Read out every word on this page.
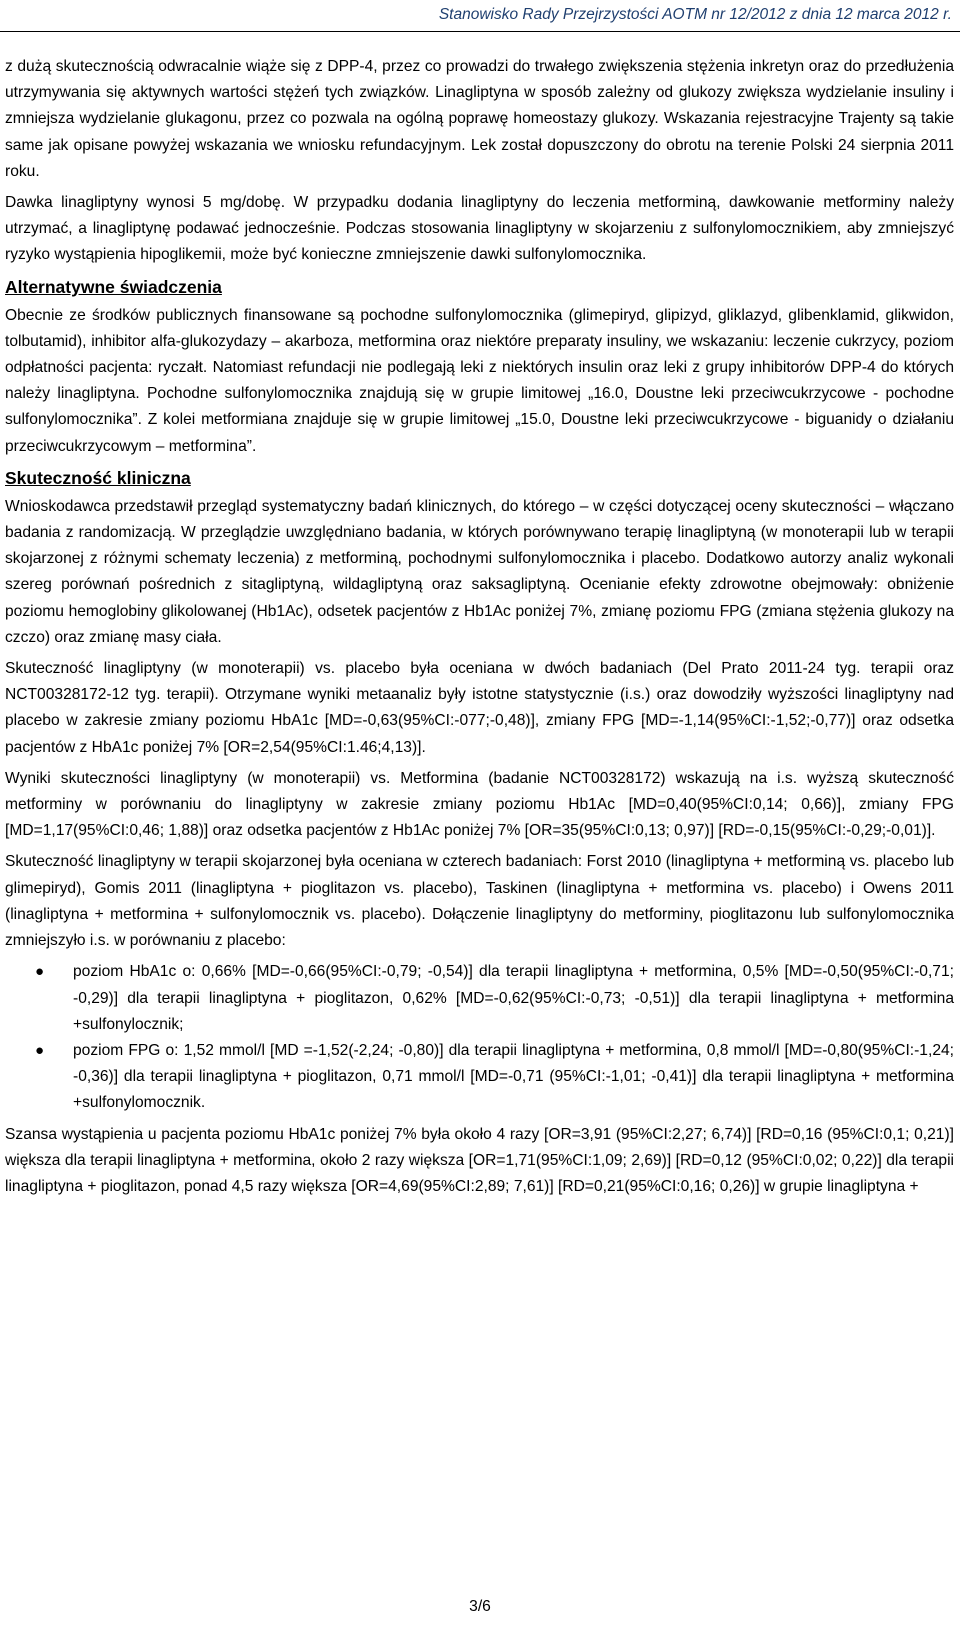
Stanowisko Rady Przejrzystości AOTM nr 12/2012 z dnia 12 marca 2012 r.

z dużą skutecznością odwracalnie wiąże się z DPP-4, przez co prowadzi do trwałego zwiększenia stężenia inkretyn oraz do przedłużenia utrzymywania się aktywnych wartości stężeń tych związków. Linagliptyna w sposób zależny od glukozy zwiększa wydzielanie insuliny i zmniejsza wydzielanie glukagonu, przez co pozwala na ogólną poprawę homeostazy glukozy. Wskazania rejestracyjne Trajenty są takie same jak opisane powyżej wskazania we wniosku refundacyjnym. Lek został dopuszczony do obrotu na terenie Polski 24 sierpnia 2011 roku.

Dawka linagliptyny wynosi 5 mg/dobę. W przypadku dodania linagliptyny do leczenia metforminą, dawkowanie metforminy należy utrzymać, a linagliptynę podawać jednocześnie. Podczas stosowania linagliptyny w skojarzeniu z sulfonylomocznikiem, aby zmniejszyć ryzyko wystąpienia hipoglikemii, może być konieczne zmniejszenie dawki sulfonylomocznika.

Alternatywne świadczenia

Obecnie ze środków publicznych finansowane są pochodne sulfonylomocznika (glimepiryd, glipizyd, gliklazyd, glibenklamid, glikwidon, tolbutamid), inhibitor alfa-glukozydazy – akarboza, metformina oraz niektóre preparaty insuliny, we wskazaniu: leczenie cukrzycy, poziom odpłatności pacjenta: ryczałt. Natomiast refundacji nie podlegają leki z niektórych insulin oraz leki z grupy inhibitorów DPP-4 do których należy linagliptyna. Pochodne sulfonylomocznika znajdują się w grupie limitowej „16.0, Doustne leki przeciwcukrzycowe - pochodne sulfonylomocznika”. Z kolei metformiana znajduje się w grupie limitowej „15.0, Doustne leki przeciwcukrzycowe - biguanidy o działaniu przeciwcukrzycowym – metformina”.

Skuteczność kliniczna

Wnioskodawca przedstawił przegląd systematyczny badań klinicznych, do którego – w części dotyczącej oceny skuteczności – włączano badania z randomizacją. W przeglądzie uwzględniano badania, w których porównywano terapię linagliptyną (w monoterapii lub w terapii skojarzonej z różnymi schematy leczenia) z metforminą, pochodnymi sulfonylomocznika i placebo. Dodatkowo autorzy analiz wykonali szereg porównań pośrednich z sitagliptyną, wildagliptyną oraz saksagliptyną. Ocenianie efekty zdrowotne obejmowały: obniżenie poziomu hemoglobiny glikolowanej (Hb1Ac), odsetek pacjentów z Hb1Ac poniżej 7%, zmianę poziomu FPG (zmiana stężenia glukozy na czczo) oraz zmianę masy ciała.

Skuteczność linagliptyny (w monoterapii) vs. placebo była oceniana w dwóch badaniach (Del Prato 2011-24 tyg. terapii oraz NCT00328172-12 tyg. terapii). Otrzymane wyniki metaanaliz były istotne statystycznie (i.s.) oraz dowodziły wyższości linagliptyny nad placebo w zakresie zmiany poziomu HbA1c [MD=-0,63(95%CI:-077;-0,48)], zmiany FPG [MD=-1,14(95%CI:-1,52;-0,77)] oraz odsetka pacjentów z HbA1c poniżej 7% [OR=2,54(95%CI:1.46;4,13)].

Wyniki skuteczności linagliptyny (w monoterapii) vs. Metformina (badanie NCT00328172) wskazują na i.s. wyższą skuteczność metforminy w porównaniu do linagliptyny w zakresie zmiany poziomu Hb1Ac [MD=0,40(95%CI:0,14; 0,66)], zmiany FPG [MD=1,17(95%CI:0,46; 1,88)] oraz odsetka pacjentów z Hb1Ac poniżej 7% [OR=35(95%CI:0,13; 0,97)] [RD=-0,15(95%CI:-0,29;-0,01)].

Skuteczność linagliptyny w terapii skojarzonej była oceniana w czterech badaniach: Forst 2010 (linagliptyna + metforminą vs. placebo lub glimepiryd), Gomis 2011 (linagliptyna + pioglitazon vs. placebo), Taskinen (linagliptyna + metformina vs. placebo) i Owens 2011 (linagliptyna + metformina + sulfonylomocznik vs. placebo). Dołączenie linagliptyny do metforminy, pioglitazonu lub sulfonylomocznika zmniejszyło i.s. w porównaniu z placebo:

● poziom HbA1c o: 0,66% [MD=-0,66(95%CI:-0,79; -0,54)] dla terapii linagliptyna + metformina, 0,5% [MD=-0,50(95%CI:-0,71; -0,29)] dla terapii linagliptyna + pioglitazon, 0,62% [MD=-0,62(95%CI:-0,73; -0,51)] dla terapii linagliptyna + metformina +sulfonylocznik;
● poziom FPG o: 1,52 mmol/l [MD =-1,52(-2,24; -0,80)] dla terapii linagliptyna + metformina, 0,8 mmol/l [MD=-0,80(95%CI:-1,24; -0,36)] dla terapii linagliptyna + pioglitazon, 0,71 mmol/l [MD=-0,71 (95%CI:-1,01; -0,41)] dla terapii linagliptyna + metformina +sulfonylomocznik.

Szansa wystąpienia u pacjenta poziomu HbA1c poniżej 7% była około 4 razy [OR=3,91 (95%CI:2,27; 6,74)] [RD=0,16 (95%CI:0,1; 0,21)] większa dla terapii linagliptyna + metformina, około 2 razy większa [OR=1,71(95%CI:1,09; 2,69)] [RD=0,12 (95%CI:0,02; 0,22)] dla terapii linagliptyna + pioglitazon, ponad 4,5 razy większa [OR=4,69(95%CI:2,89; 7,61)] [RD=0,21(95%CI:0,16; 0,26)] w grupie linagliptyna +

3/6
